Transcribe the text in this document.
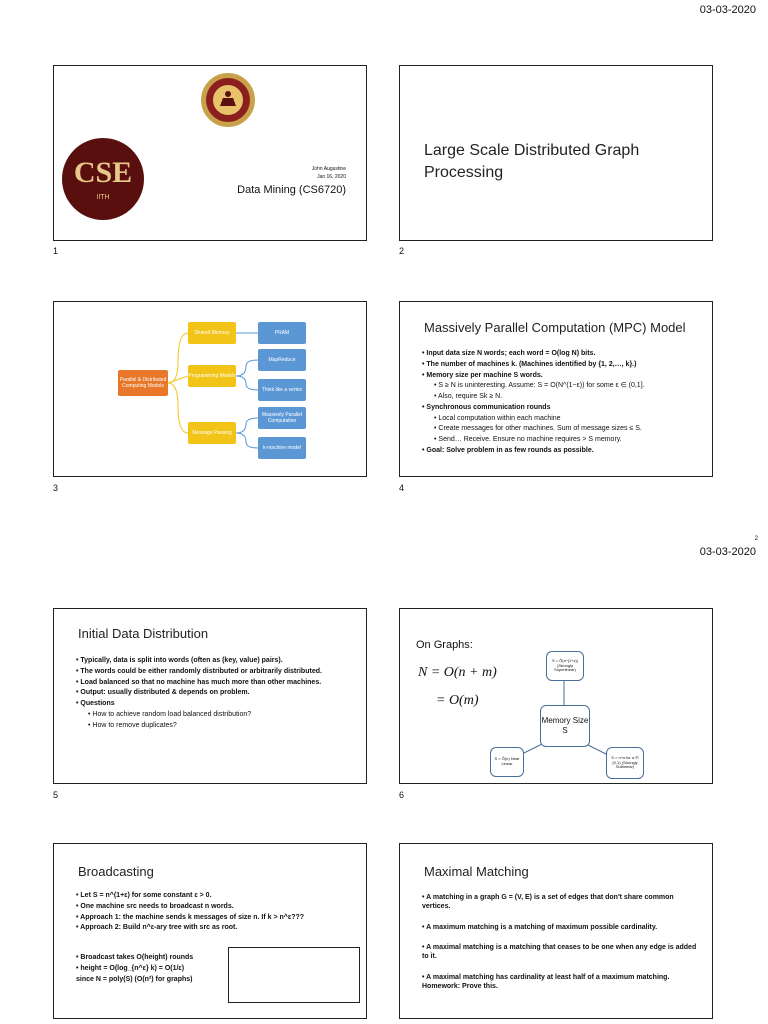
03-03-2020
CSE
IITH
John Augustine
Jan 16, 2020
Data Mining (CS6720)
1
Large Scale Distributed Graph Processing
2
Parallel & Distributed Computing Models
Shared Memory
Programming Models
Message Passing
PRAM
MapReduce
Think like a vertex
Massively Parallel Computation
k-machine model
3
Massively Parallel Computation (MPC) Model

• Input data size N words; each word = O(log N) bits.

• The number of machines k. (Machines identified by {1, 2,…, k}.)

• Memory size per machine S words.

• S ≥ N is uninteresting. Assume: S = O(N^(1−ε)) for some ε ∈ (0,1].

• Also, require Sk ≥ N.

• Synchronous communication rounds

• Local computation within each machine

• Create messages for other machines. Sum of message sizes ≤ S.

• Send… Receive. Ensure no machine requires > S memory.

• Goal: Solve problem in as few rounds as possible.

4
2
03-03-2020
Initial Data Distribution

• Typically, data is split into words (often as (key, value) pairs).

• The words could be either randomly distributed or arbitrarily distributed.

• Load balanced so that no machine has much more than other machines.

• Output: usually distributed & depends on problem.

• Questions

• How to achieve random load balanced distribution?

• How to remove duplicates?

5
On Graphs:
N = O(n + m)
= O(m)
S = Õ(n^(1+ε)) (Strongly Superlinear)
Memory Size S
S = Õ(n) Near Linear
S = n^α for α ∈ (0,1) (Strongly Sublinear)
6
Broadcasting

• Let S = n^(1+ε) for some constant ε > 0.

• One machine src needs to broadcast n words.

• Approach 1: the machine sends k messages of size n. If k > n^ε???

• Approach 2: Build n^ε-ary tree with src as root.

• Broadcast takes O(height) rounds

• height = O(log_{n^ε} k) = O(1/ε)

since N = poly(S) (O(n²) for graphs)

Maximal Matching

• A matching in a graph G = (V, E) is a set of edges that don't share common vertices.

• A maximum matching is a matching of maximum possible cardinality.

• A maximal matching is a matching that ceases to be one when any edge is added to it.

• A maximal matching has cardinality at least half of a maximum matching. Homework: Prove this.
